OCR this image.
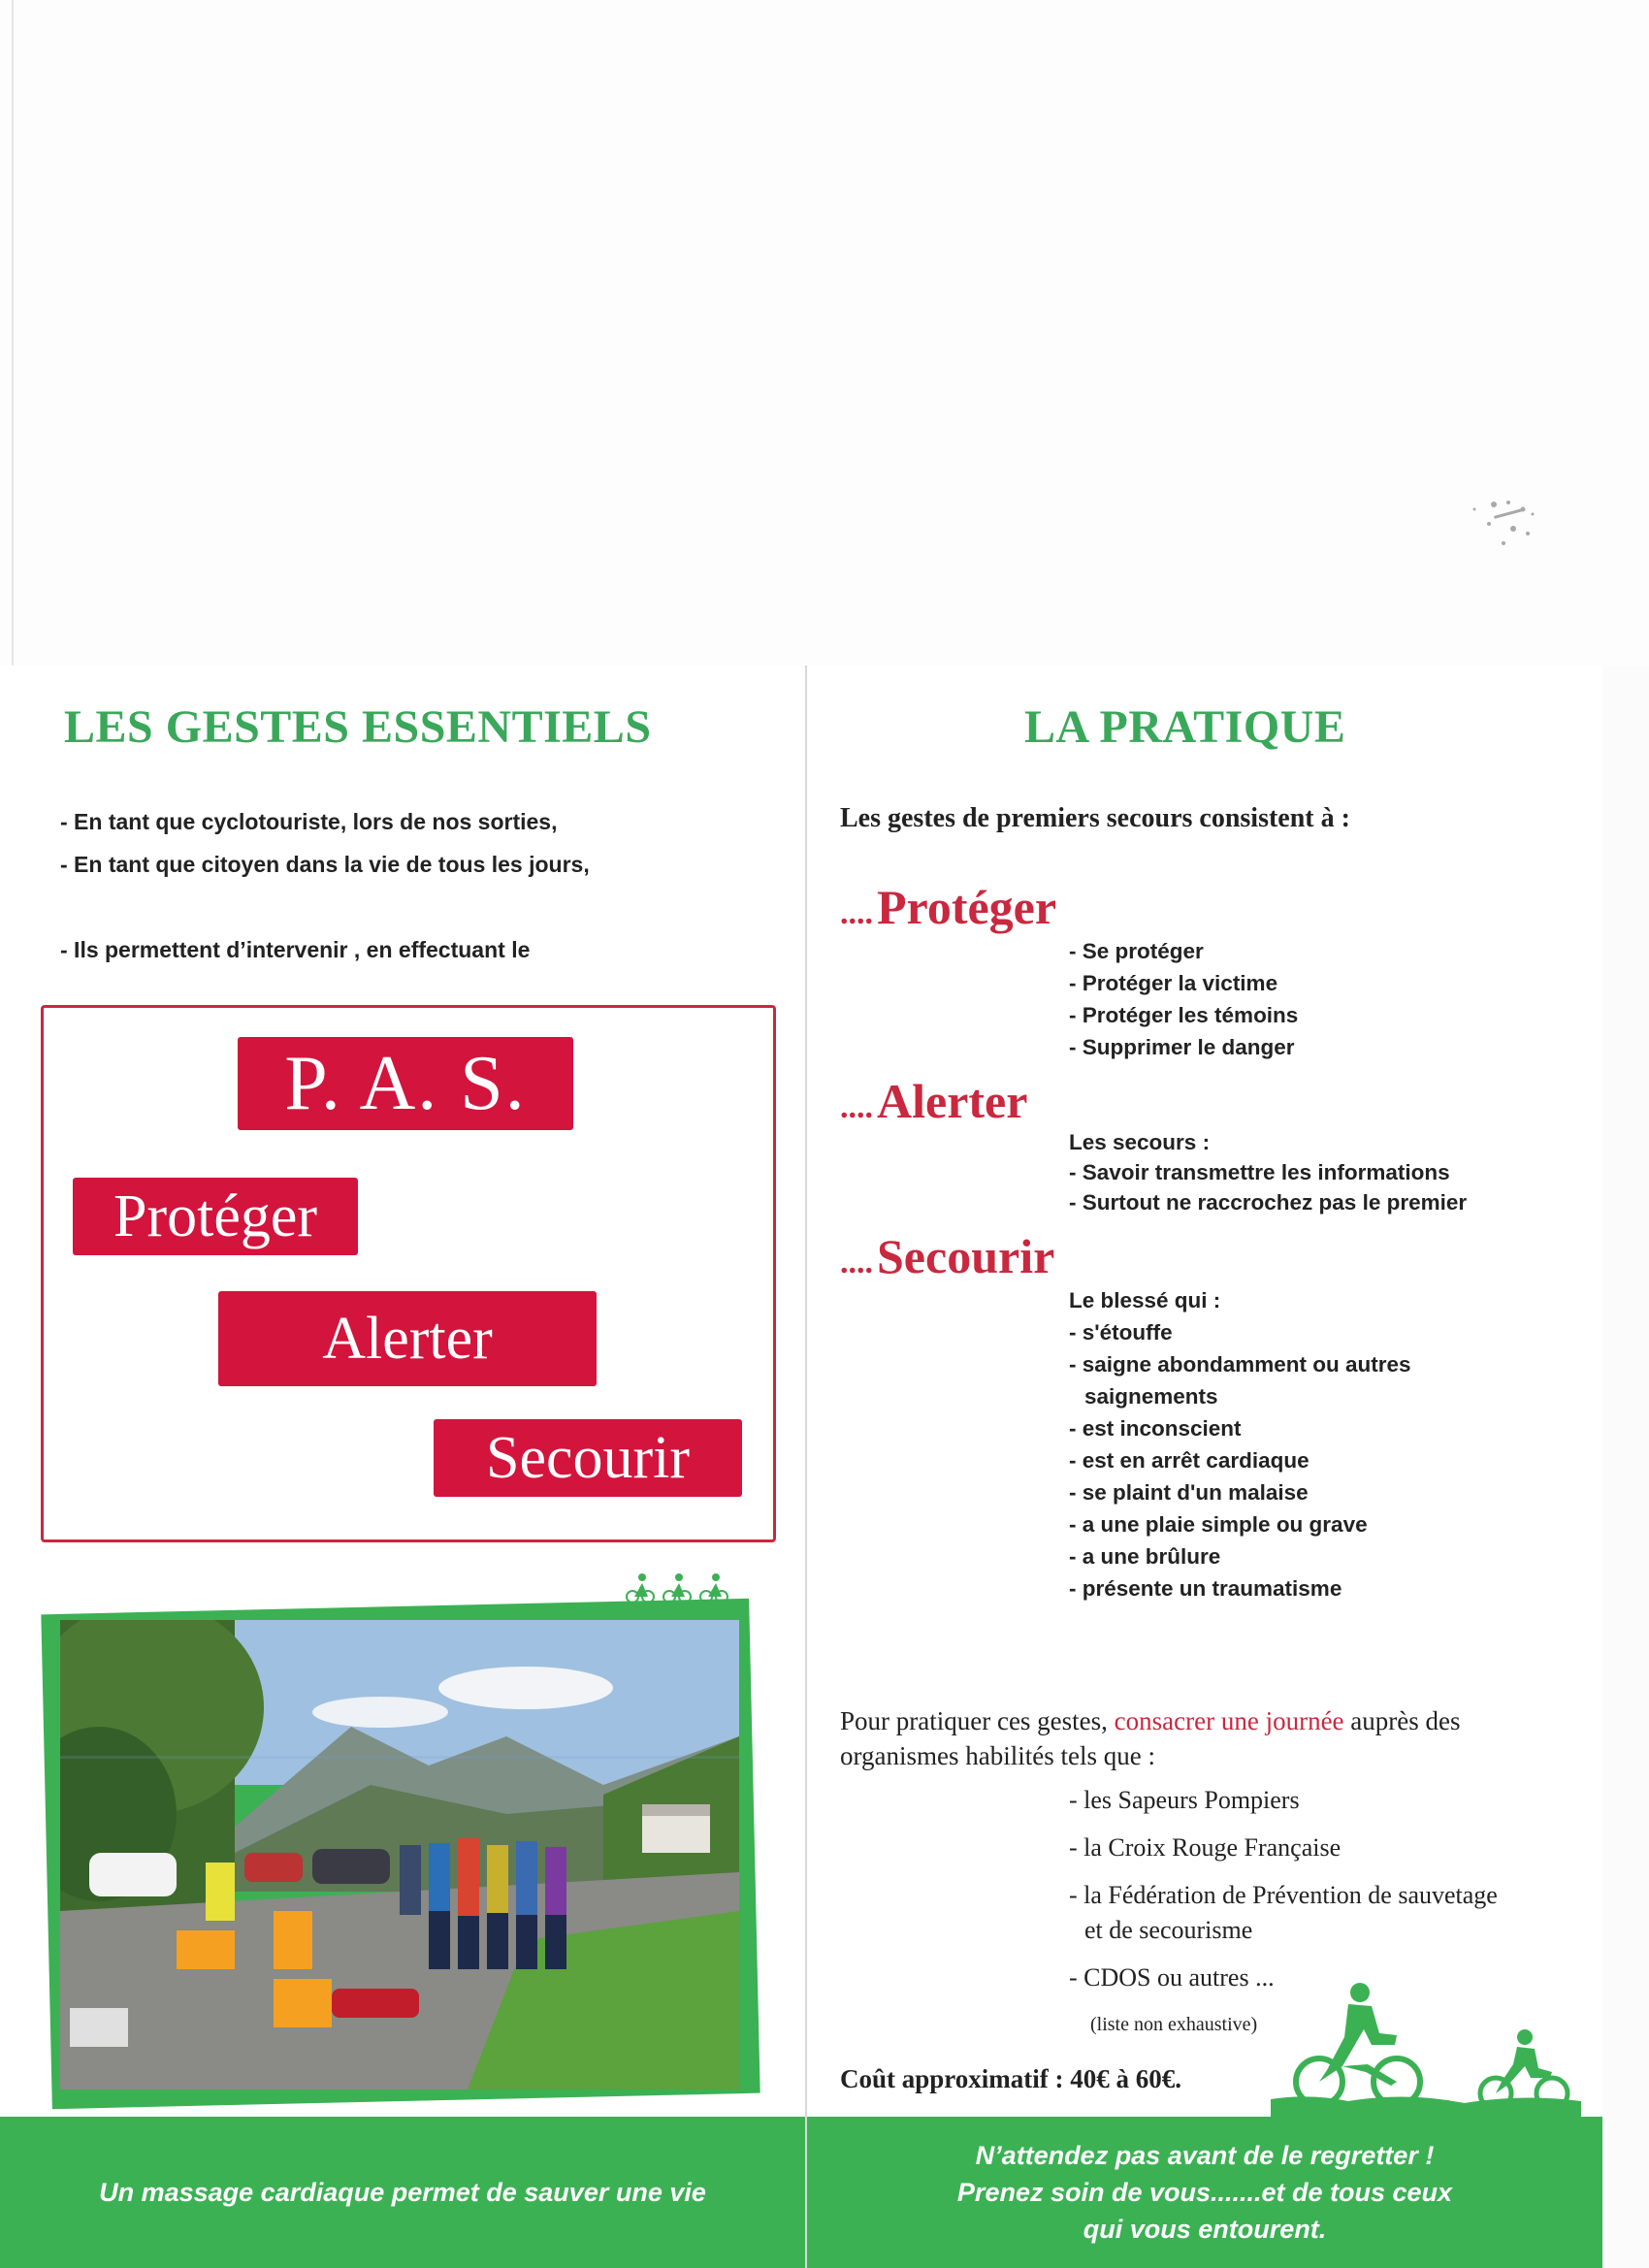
LES GESTES ESSENTIELS
- En tant que cyclotouriste, lors de nos sorties,
- En tant que citoyen dans la vie de tous les jours,
- Ils permettent d’intervenir , en effectuant le
P. A. S.
Protéger
Alerter
Secourir
Un massage cardiaque permet de sauver une vie
LA PRATIQUE
Les gestes de premiers secours consistent à :
.... Protéger
- Se protéger
- Protéger la victime
- Protéger les témoins
- Supprimer le danger
.... Alerter
Les secours :
- Savoir transmettre les informations
- Surtout ne raccrochez pas le premier
.... Secourir
Le blessé qui :
- s'étouffe
- saigne abondamment ou autres
saignements
- est inconscient
- est en arrêt cardiaque
- se plaint d'un malaise
- a une plaie simple ou grave
- a une brûlure
- présente un traumatisme
Pour pratiquer ces gestes, consacrer une journée auprès des organismes habilités tels que :
- les Sapeurs Pompiers
- la Croix Rouge Française
- la Fédération de Prévention de sauvetage
et de secourisme
- CDOS ou autres ...
(liste non exhaustive)
Coût approximatif : 40€ à 60€.
N’attendez pas avant de le regretter !
Prenez soin de vous.......et de tous ceux
qui vous entourent.
